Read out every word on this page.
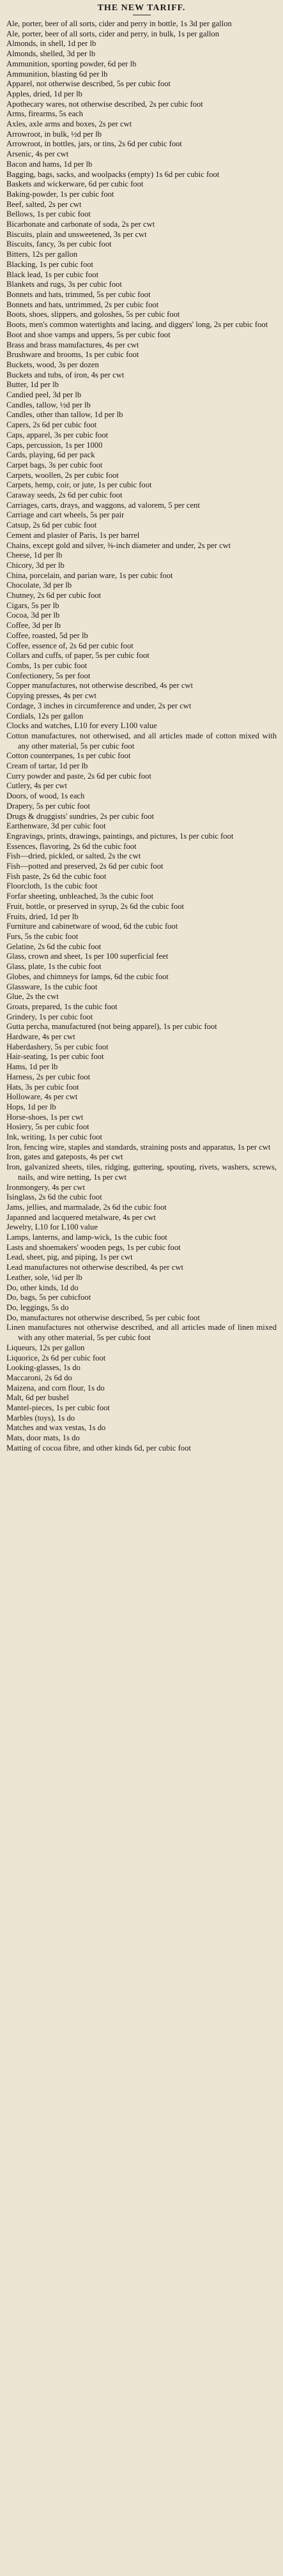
THE NEW TARIFF.

Ale, porter, beer of all sorts, cider and perry in bottle, 1s 3d per gallon

Ale, porter, beer of all sorts, cider and perry, in bulk, 1s per gallon

Almonds, in shell, 1d per lb

Almonds, shelled, 3d per lb

Ammunition, sporting powder, 6d per lb

Ammunition, blasting 6d per lb

Apparel, not otherwise described, 5s per cubic foot

Apples, dried, 1d per lb

Apothecary wares, not otherwise described, 2s per cubic foot

Arms, firearms, 5s each

Axles, axle arms and boxes, 2s per cwt

Arrowroot, in bulk, ½d per lb

Arrowroot, in bottles, jars, or tins, 2s 6d per cubic foot

Arsenic, 4s per cwt

Bacon and hams, 1d per lb

Bagging, bags, sacks, and woolpacks (empty) 1s 6d per cubic foot

Baskets and wickerware, 6d per cubic foot

Baking-powder, 1s per cubic foot

Beef, salted, 2s per cwt

Bellows, 1s per cubic foot

Bicarbonate and carbonate of soda, 2s per cwt

Biscuits, plain and unsweetened, 3s per cwt

Biscuits, fancy, 3s per cubic foot

Bitters, 12s per gallon

Blacking, 1s per cubic foot

Black lead, 1s per cubic foot

Blankets and rugs, 3s per cubic foot

Bonnets and hats, trimmed, 5s per cubic foot

Bonnets and hats, untrimmed, 2s per cubic foot

Boots, shoes, slippers, and goloshes, 5s per cubic foot

Boots, men's common watertights and lacing, and diggers' long, 2s per cubic foot

Boot and shoe vamps and uppers, 5s per cubic foot

Brass and brass manufactures, 4s per cwt

Brushware and brooms, 1s per cubic foot

Buckets, wood, 3s per dozen

Buckets and tubs, of iron, 4s per cwt

Butter, 1d per lb

Candied peel, 3d per lb

Candles, tallow, ½d per lb

Candles, other than tallow, 1d per lb

Capers, 2s 6d per cubic foot

Caps, apparel, 3s per cubic foot

Caps, percussion, 1s per 1000

Cards, playing, 6d per pack

Carpet bags, 3s per cubic foot

Carpets, woollen, 2s per cubic foot

Carpets, hemp, coir, or jute, 1s per cubic foot

Caraway seeds, 2s 6d per cubic foot

Carriages, carts, drays, and waggons, ad valorem, 5 per cent

Carriage and cart wheels, 5s per pair

Catsup, 2s 6d per cubic foot

Cement and plaster of Paris, 1s per barrel

Chains, except gold and silver, ⅜-inch diameter and under, 2s per cwt

Cheese, 1d per lb

Chicory, 3d per lb

China, porcelain, and parian ware, 1s per cubic foot

Chocolate, 3d per lb

Chutney, 2s 6d per cubic foot

Cigars, 5s per lb

Cocoa, 3d per lb

Coffee, 3d per lb

Coffee, roasted, 5d per lb

Coffee, essence of, 2s 6d per cubic foot

Collars and cuffs, of paper, 5s per cubic foot

Combs, 1s per cubic foot

Confectionery, 5s per foot

Copper manufactures, not otherwise described, 4s per cwt

Copying presses, 4s per cwt

Cordage, 3 inches in circumference and under, 2s per cwt

Cordials, 12s per gallon

Clocks and watches, L10 for every L100 value

Cotton manufactures, not otherwised, and all articles made of cotton mixed with any other material, 5s per cubic foot

Cotton counterpanes, 1s per cubic foot

Cream of tartar, 1d per lb

Curry powder and paste, 2s 6d per cubic foot

Cutlery, 4s per cwt

Doors, of wood, 1s each

Drapery, 5s per cubic foot

Drugs & druggists' sundries, 2s per cubic foot

Earthenware, 3d per cubic foot

Engravings, prints, drawings, paintings, and pictures, 1s per cubic foot

Essences, flavoring, 2s 6d the cubic foot

Fish—dried, pickled, or salted, 2s the cwt

Fish—potted and preserved, 2s 6d per cubic foot

Fish paste, 2s 6d the cubic foot

Floorcloth, 1s the cubic foot

Forfar sheeting, unbleached, 3s the cubic foot

Fruit, bottle, or preserved in syrup, 2s 6d the cubic foot

Fruits, dried, 1d per lb

Furniture and cabinetware of wood, 6d the cubic foot

Furs, 5s the cubic foot

Gelatine, 2s 6d the cubic foot

Glass, crown and sheet, 1s per 100 superficial feet

Glass, plate, 1s the cubic foot

Globes, and chimneys for lamps, 6d the cubic foot

Glassware, 1s the cubic foot

Glue, 2s the cwt

Groats, prepared, 1s the cubic foot

Grindery, 1s per cubic foot

Gutta percha, manufactured (not being apparel), 1s per cubic foot

Hardware, 4s per cwt

Haberdashery, 5s per cubic foot

Hair-seating, 1s per cubic foot

Hams, 1d per lb

Harness, 2s per cubic foot

Hats, 3s per cubic foot

Holloware, 4s per cwt

Hops, 1d per lb

Horse-shoes, 1s per cwt

Hosiery, 5s per cubic foot

Ink, writing, 1s per cubic foot

Iron, fencing wire, staples and standards, straining posts and apparatus, 1s per cwt

Iron, gates and gateposts, 4s per cwt

Iron, galvanized sheets, tiles, ridging, guttering, spouting, rivets, washers, screws, nails, and wire netting, 1s per cwt

Ironmongery, 4s per cwt

Isinglass, 2s 6d the cubic foot

Jams, jellies, and marmalade, 2s 6d the cubic foot

Japanned and lacquered metalware, 4s per cwt

Jewelry, L10 for L100 value

Lamps, lanterns, and lamp-wick, 1s the cubic foot

Lasts and shoemakers' wooden pegs, 1s per cubic foot

Lead, sheet, pig, and piping, 1s per cwt

Lead manufactures not otherwise described, 4s per cwt

Leather, sole, ¼d per lb

Do, other kinds, 1d do

Do, bags, 5s per cubicfoot

Do, leggings, 5s do

Do, manufactures not otherwise described, 5s per cubic foot

Linen manufactures not otherwise described, and all articles made of linen mixed with any other material, 5s per cubic foot

Liqueurs, 12s per gallon

Liquorice, 2s 6d per cubic foot

Looking-glasses, 1s do

Maccaroni, 2s 6d do

Maizena, and corn flour, 1s do

Malt, 6d per bushel

Mantel-pieces, 1s per cubic foot

Marbles (toys), 1s do

Matches and wax vestas, 1s do

Mats, door mats, 1s do

Matting of cocoa fibre, and other kinds 6d, per cubic foot
